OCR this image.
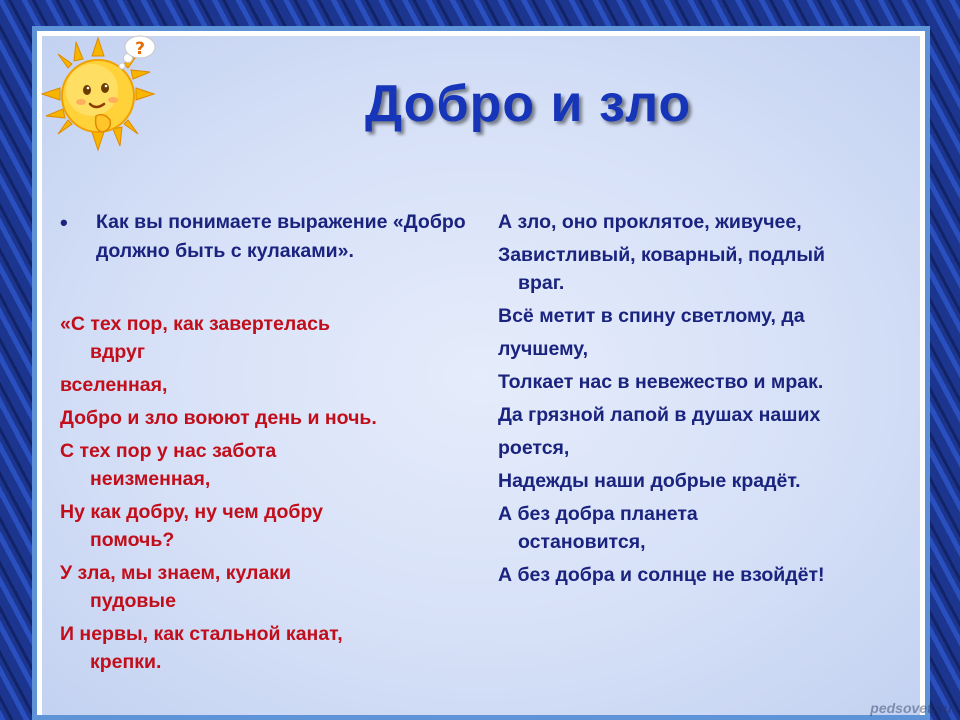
?
Добро и зло
• Как вы понимаете выражение «Добро должно быть с кулаками».
«С тех пор, как завертелась
вдруг
вселенная,
Добро и зло воюют день и ночь.
С тех пор у нас забота
неизменная,
Ну как добру, ну чем добру
помочь?
У зла, мы знаем, кулаки
пудовые
И нервы, как стальной канат,
крепки.
А зло, оно проклятое, живучее,
Завистливый, коварный, подлый
враг.
Всё метит в спину светлому, да
лучшему,
Толкает нас в невежество и мрак.
Да грязной лапой в душах наших
роется,
Надежды наши добрые крадёт.
А без добра планета
остановится,
А без добра и солнце не взойдёт!
pedsovet.su
